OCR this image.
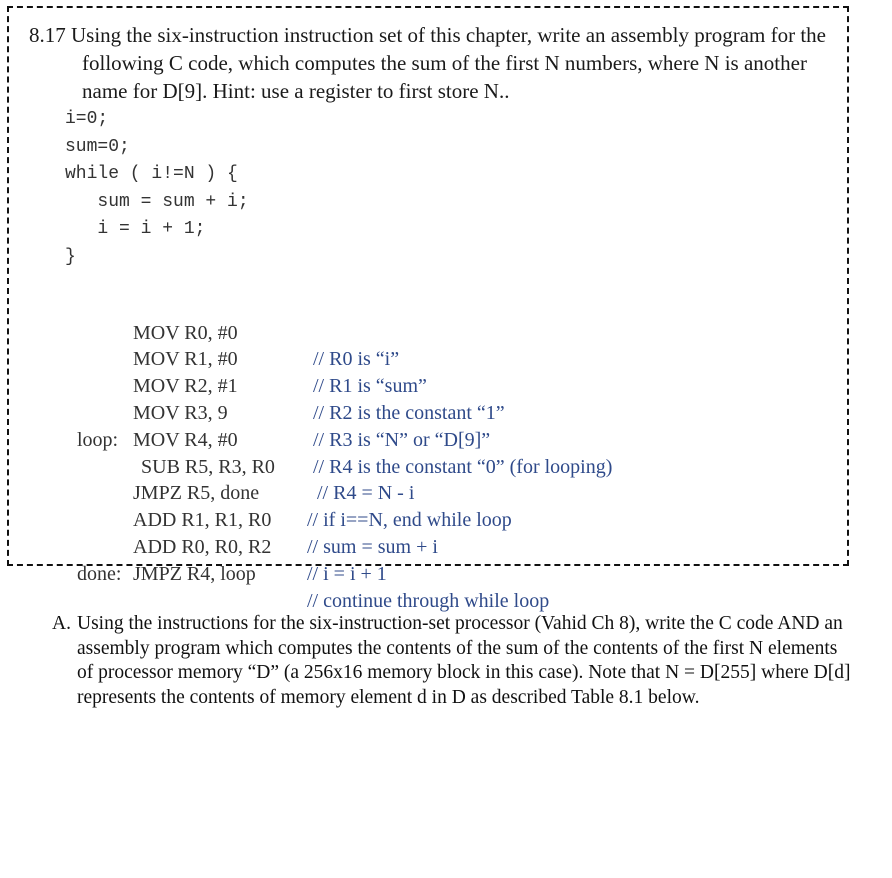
8.17 Using the six-instruction instruction set of this chapter, write an assembly program for the following C code, which computes the sum of the first N numbers, where N is another name for D[9]. Hint: use a register to first store N..

i=0;
sum=0;
while ( i!=N ) {
sum = sum + i;
i = i + 1;
}

MOV R0, #0

// R0 is “i”

MOV R1, #0

// R1 is “sum”

MOV R2, #1

// R2 is the constant “1”

MOV R3, 9

// R3 is “N” or “D[9]”

MOV R4, #0

// R4 is the constant “0” (for looping)

loop:

SUB R5, R3, R0

// R4 = N - i

JMPZ R5, done

// if i==N, end while loop

ADD R1, R1, R0

// sum = sum + i

ADD R0, R0, R2

// i = i + 1

JMPZ R4, loop

// continue through while loop

done:

A. Using the instructions for the six-instruction-set processor (Vahid Ch 8), write the C code AND an assembly program which computes the contents of the sum of the contents of the first N elements of processor memory “D” (a 256x16 memory block in this case). Note that N = D[255] where D[d] represents the contents of memory element d in D as described Table 8.1 below.
